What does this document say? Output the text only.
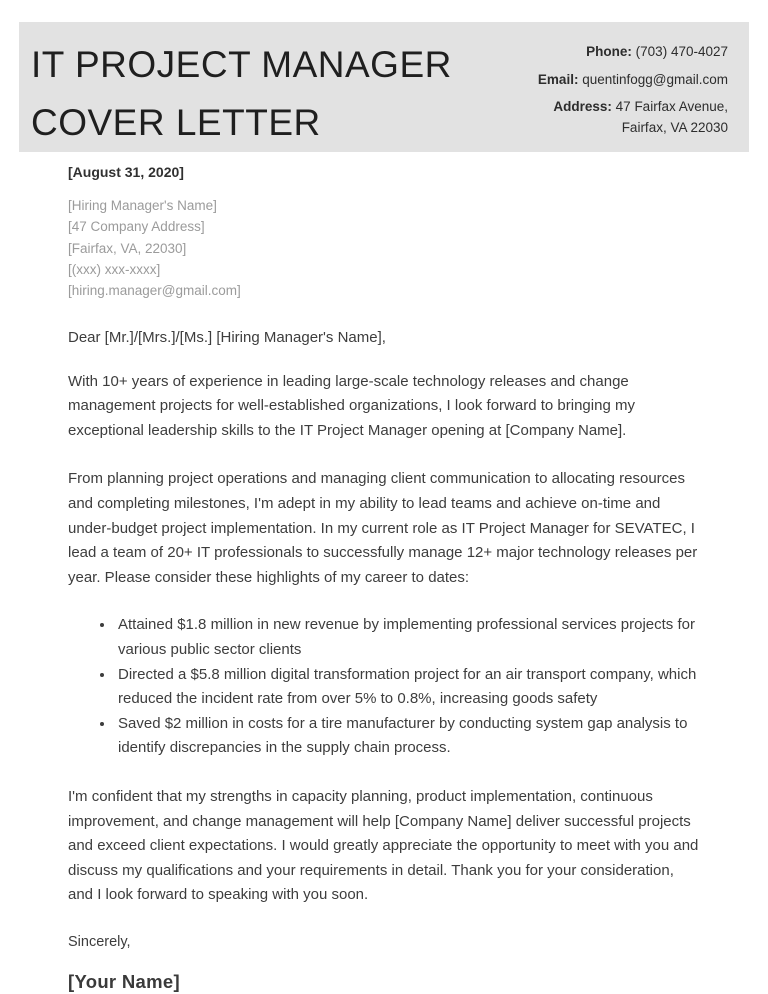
IT PROJECT MANAGER
COVER LETTER
Phone: (703) 470-4027
Email: quentinfogg@gmail.com
Address: 47 Fairfax Avenue,
Fairfax, VA 22030
[August 31, 2020]
[Hiring Manager's Name]
[47 Company Address]
[Fairfax, VA, 22030]
[(xxx) xxx-xxxx]
[hiring.manager@gmail.com]
Dear [Mr.]/[Mrs.]/[Ms.] [Hiring Manager's Name],

With 10+ years of experience in leading large-scale technology releases and change management projects for well-established organizations, I look forward to bringing my exceptional leadership skills to the IT Project Manager opening at [Company Name].

From planning project operations and managing client communication to allocating resources and completing milestones, I'm adept in my ability to lead teams and achieve on-time and under-budget project implementation. In my current role as IT Project Manager for SEVATEC, I lead a team of 20+ IT professionals to successfully manage 12+ major technology releases per year. Please consider these highlights of my career to dates:

• Attained $1.8 million in new revenue by implementing professional services projects for various public sector clients
• Directed a $5.8 million digital transformation project for an air transport company, which reduced the incident rate from over 5% to 0.8%, increasing goods safety
• Saved $2 million in costs for a tire manufacturer by conducting system gap analysis to identify discrepancies in the supply chain process.

I'm confident that my strengths in capacity planning, product implementation, continuous improvement, and change management will help [Company Name] deliver successful projects and exceed client expectations. I would greatly appreciate the opportunity to meet with you and discuss my qualifications and your requirements in detail. Thank you for your consideration, and I look forward to speaking with you soon.

Sincerely,
[Your Name]
